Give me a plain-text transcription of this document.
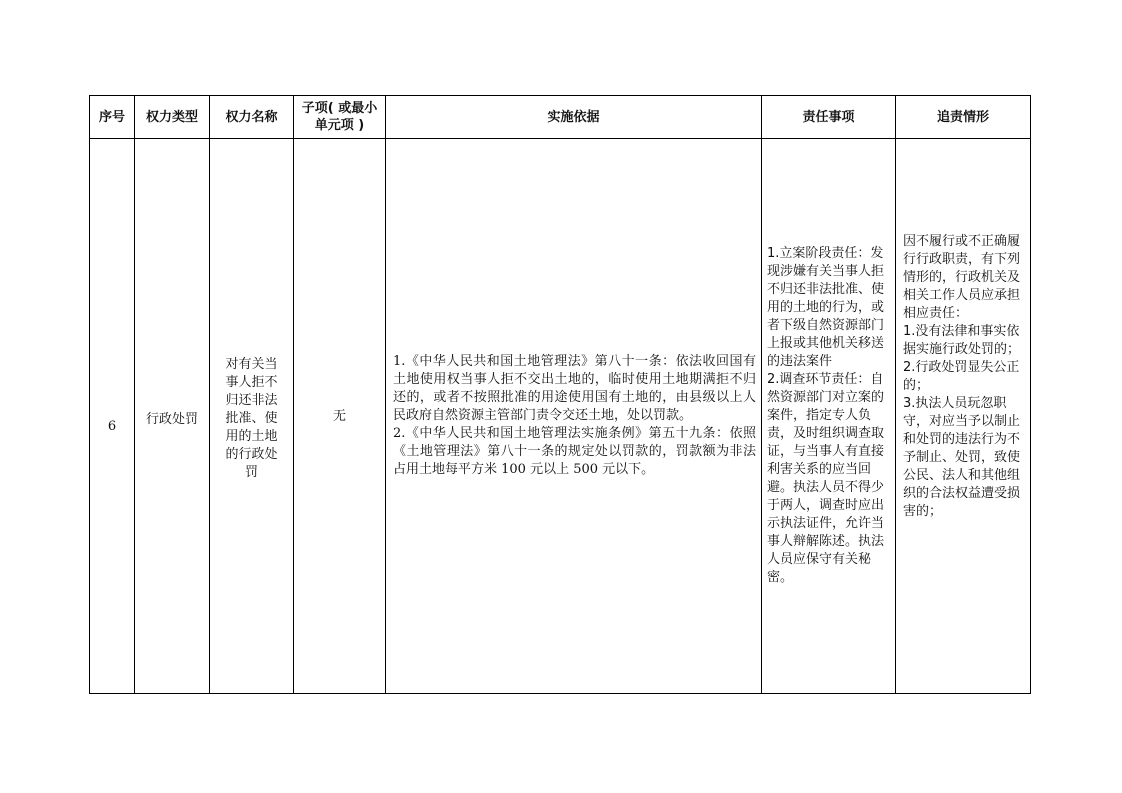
序号	权力类型	权力名称	子项( 或最小单元项 )	实施依据	责任事项	追责情形
6	行政处罚	对有关当事人拒不归还非法批准、使用的土地的行政处罚	无	1.《中华人民共和国土地管理法》第八十一条：依法收回国有土地使用权当事人拒不交出土地的，临时使用土地期满拒不归还的，或者不按照批准的用途使用国有土地的，由县级以上人民政府自然资源主管部门责令交还土地，处以罚款。
2.《中华人民共和国土地管理法实施条例》第五十九条：依照《土地管理法》第八十一条的规定处以罚款的，罚款额为非法占用土地每平方米 100 元以上 500 元以下。	1.立案阶段责任：发现涉嫌有关当事人拒不归还非法批准、使用的土地的行为，或者下级自然资源部门上报或其他机关移送的违法案件
2.调查环节责任：自然资源部门对立案的案件，指定专人负责，及时组织调查取证，与当事人有直接利害关系的应当回避。执法人员不得少于两人，调查时应出示执法证件，允许当事人辩解陈述。执法人员应保守有关秘密。	因不履行或不正确履行行政职责，有下列情形的，行政机关及相关工作人员应承担相应责任：
1.没有法律和事实依据实施行政处罚的；
2.行政处罚显失公正的；
3.执法人员玩忽职守，对应当予以制止和处罚的违法行为不予制止、处罚，致使公民、法人和其他组织的合法权益遭受损害的；
